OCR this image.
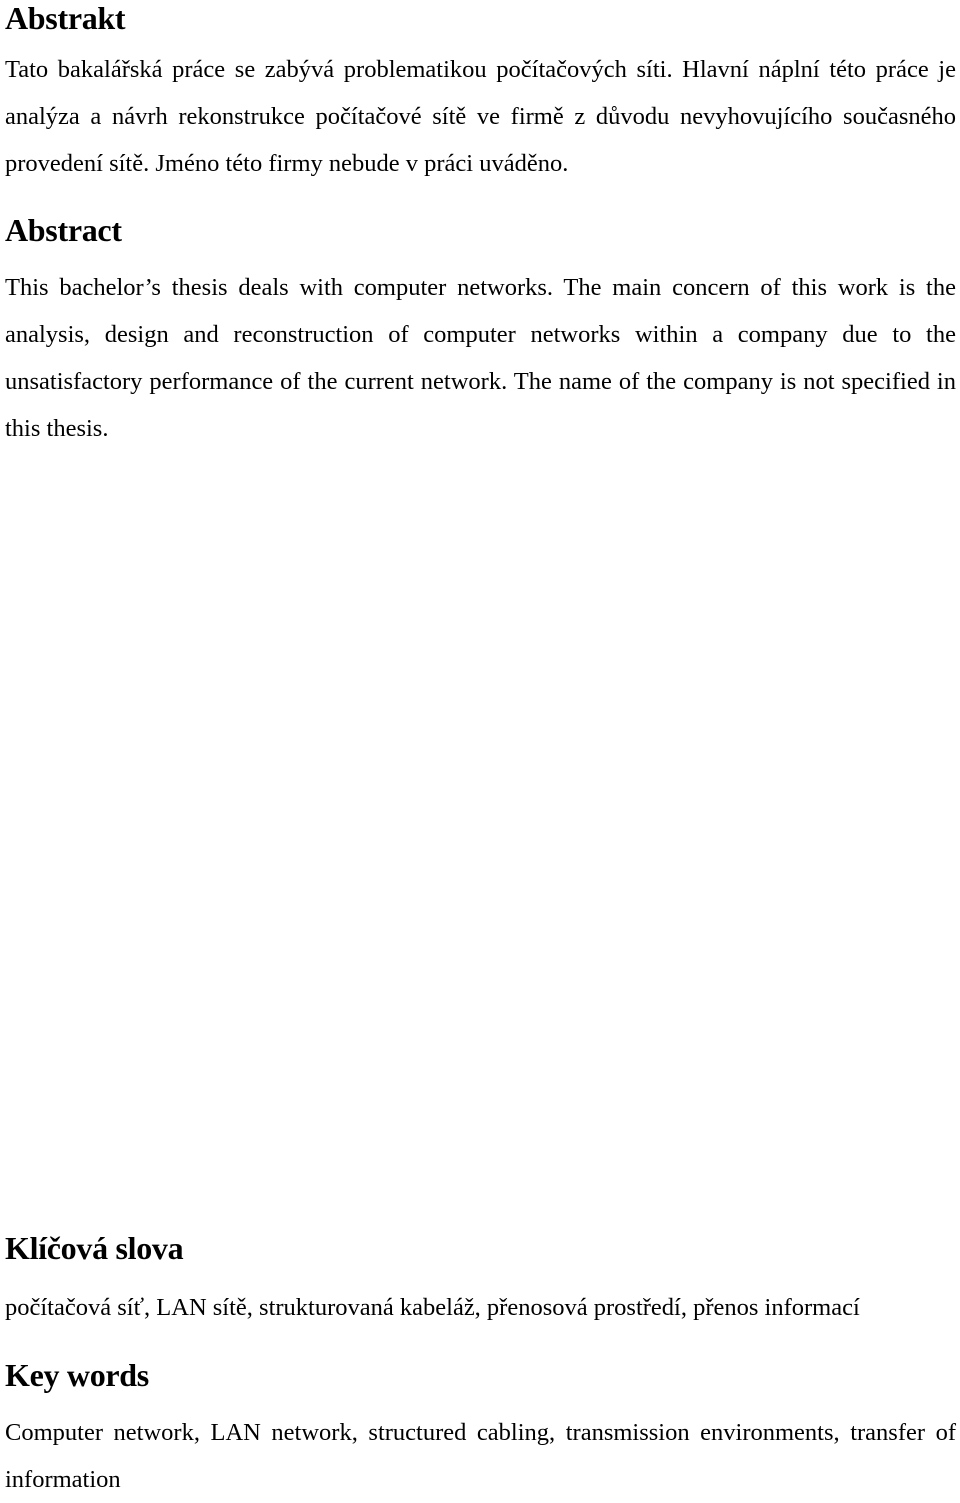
Abstrakt

Tato bakalářská práce se zabývá problematikou počítačových síti. Hlavní náplní této práce je analýza a návrh rekonstrukce počítačové sítě ve firmě z důvodu nevyhovujícího současného provedení sítě. Jméno této firmy nebude v práci uváděno.

Abstract

This bachelor’s thesis deals with computer networks. The main concern of this work is the analysis, design and reconstruction of computer networks within a company due to the unsatisfactory performance of the current network. The name of the company is not specified in this thesis.

Klíčová slova

počítačová síť, LAN sítě, strukturovaná kabeláž, přenosová prostředí, přenos informací

Key words

Computer network, LAN network, structured cabling, transmission environments, transfer of information
